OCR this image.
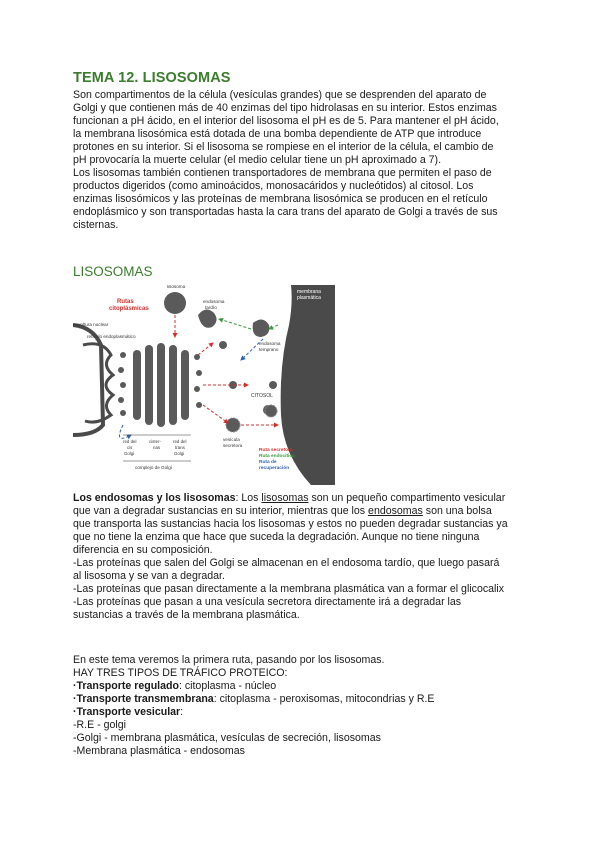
TEMA 12. LISOSOMAS
Son compartimentos de la célula (vesículas grandes) que se desprenden del aparato de
Golgi y que contienen más de 40 enzimas del tipo hidrolasas en su interior. Estos enzimas
funcionan a pH ácido, en el interior del lisosoma el pH es de 5. Para mantener el pH ácido,
la membrana lisosómica está dotada de una bomba dependiente de ATP que introduce
protones en su interior. Si el lisosoma se rompiese en el interior de la célula, el cambio de
pH provocaría la muerte celular (el medio celular tiene un pH aproximado a 7).
Los lisosomas también contienen transportadores de membrana que permiten el paso de
productos digeridos (como aminoácidos, monosacáridos y nucleótidos) al citosol. Los
enzimas lisosómicos y las proteínas de membrana lisosómica se producen en el retículo
endoplásmico y son transportadas hasta la cara trans del aparato de Golgi a través de sus
cisternas.
LISOSOMAS
membrana
plasmática
envoltura nuclear
retículo endoplasmático
Rutas
citoplásmicas
lisosoma
endosoma
tardío
endosoma
temprano
vesícula
secretora
CITOSOL
red del
cis
Golgi
cister-
nas
red del
trans
Golgi
complejo de Golgi
Ruta secretora
Ruta endocítica
Ruta de
recuperación
Los endosomas y los lisosomas: Los lisosomas son un pequeño compartimento vesicular
que van a degradar sustancias en su interior, mientras que los endosomas son una bolsa
que transporta las sustancias hacia los lisosomas y estos no pueden degradar sustancias ya
que no tiene la enzima que hace que suceda la degradación. Aunque no tiene ninguna
diferencia en su composición.
-Las proteínas que salen del Golgi se almacenan en el endosoma tardío, que luego pasará
al lisosoma y se van a degradar.
-Las proteínas que pasan directamente a la membrana plasmática van a formar el glicocalix
-Las proteínas que pasan a una vesícula secretora directamente irá a degradar las
sustancias a través de la membrana plasmática.
En este tema veremos la primera ruta, pasando por los lisosomas.
HAY TRES TIPOS DE TRÁFICO PROTEICO:
·Transporte regulado: citoplasma - núcleo
·Transporte transmembrana: citoplasma - peroxisomas, mitocondrias y R.E
·Transporte vesicular:
-R.E - golgi
-Golgi - membrana plasmática, vesículas de secreción, lisosomas
-Membrana plasmática - endosomas
